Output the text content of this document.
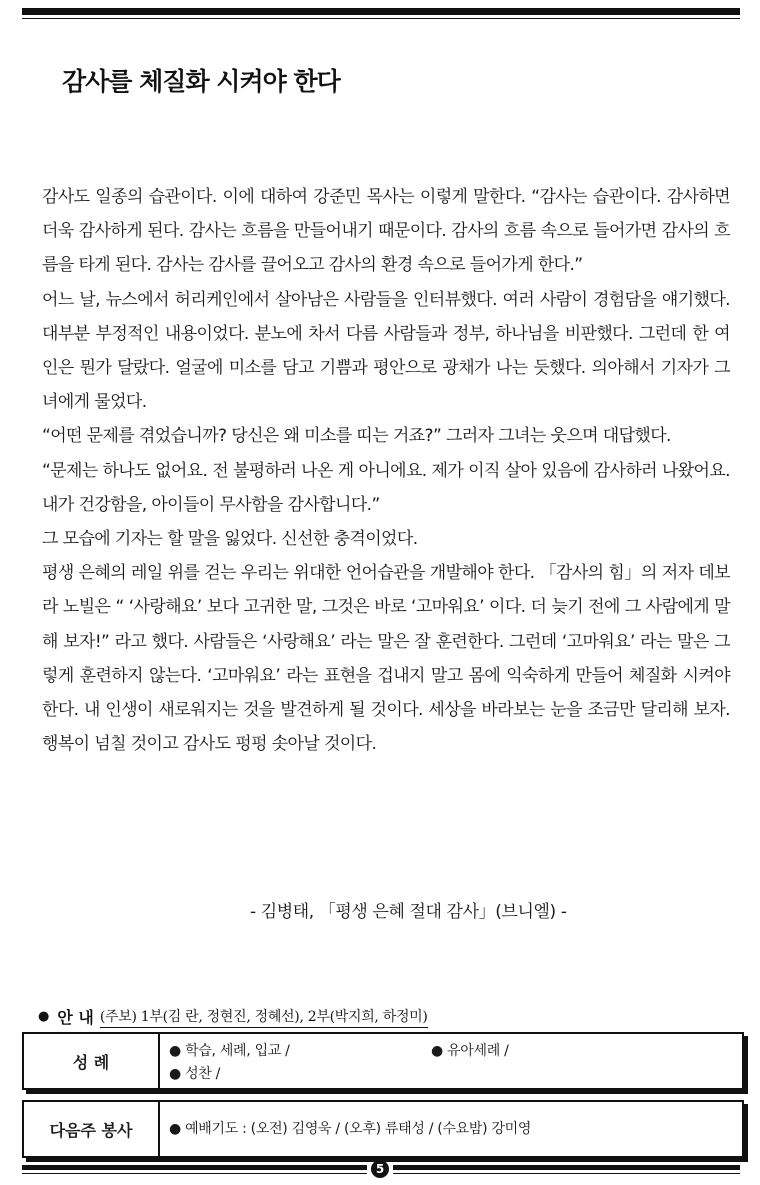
감사를 체질화 시켜야 한다

감사도 일종의 습관이다. 이에 대하여 강준민 목사는 이렇게 말한다. “감사는 습관이다. 감사하면 더욱 감사하게 된다. 감사는 흐름을 만들어내기 때문이다. 감사의 흐름 속으로 들어가면 감사의 흐름을 타게 된다. 감사는 감사를 끌어오고 감사의 환경 속으로 들어가게 한다.”

어느 날, 뉴스에서 허리케인에서 살아남은 사람들을 인터뷰했다. 여러 사람이 경험담을 얘기했다. 대부분 부정적인 내용이었다. 분노에 차서 다름 사람들과 정부, 하나님을 비판했다. 그런데 한 여인은 뭔가 달랐다. 얼굴에 미소를 담고 기쁨과 평안으로 광채가 나는 듯했다. 의아해서 기자가 그녀에게 물었다.

“어떤 문제를 겪었습니까? 당신은 왜 미소를 띠는 거죠?” 그러자 그녀는 웃으며 대답했다.

“문제는 하나도 없어요. 전 불평하러 나온 게 아니에요. 제가 이직 살아 있음에 감사하러 나왔어요. 내가 건강함을, 아이들이 무사함을 감사합니다.”

그 모습에 기자는 할 말을 잃었다. 신선한 충격이었다.

평생 은혜의 레일 위를 걷는 우리는 위대한 언어습관을 개발해야 한다. 「감사의 힘」의 저자 데보라 노빌은 “ ‘사랑해요’ 보다 고귀한 말, 그것은 바로 ‘고마워요’ 이다. 더 늦기 전에 그 사람에게 말해 보자!” 라고 했다. 사람들은 ‘사랑해요’ 라는 말은 잘 훈련한다. 그런데 ‘고마워요’ 라는 말은 그렇게 훈련하지 않는다. ‘고마워요’ 라는 표현을 겁내지 말고 몸에 익숙하게 만들어 체질화 시켜야 한다. 내 인생이 새로워지는 것을 발견하게 될 것이다. 세상을 바라보는 눈을 조금만 달리해 보자. 행복이 넘칠 것이고 감사도 펑펑 솟아날 것이다.

- 김병태, 「평생 은혜 절대 감사」(브니엘) -

● 안 내 (주보) 1부(김 란, 정현진, 정혜선), 2부(박지희, 하정미)
성 례
● 학습, 세례, 입교 /	● 유아세례 /
● 성찬 /
다음주 봉사	● 예배기도 : (오전) 김영욱 / (오후) 류태성 / (수요밤) 강미영
5
